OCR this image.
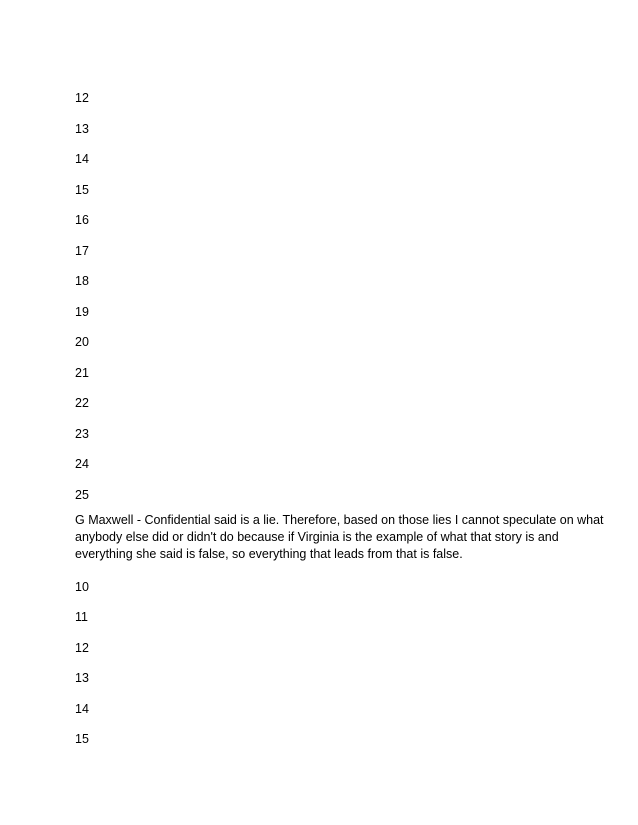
12
13
14
15
16
17
18
19
20
21
22
23
24
25
G Maxwell - Confidential said is a lie. Therefore, based on those lies I cannot speculate on what
anybody else did or didn't do because if Virginia is the example of what that story is and
everything she said is false, so everything that leads from that is false.
10
11
12
13
14
15
